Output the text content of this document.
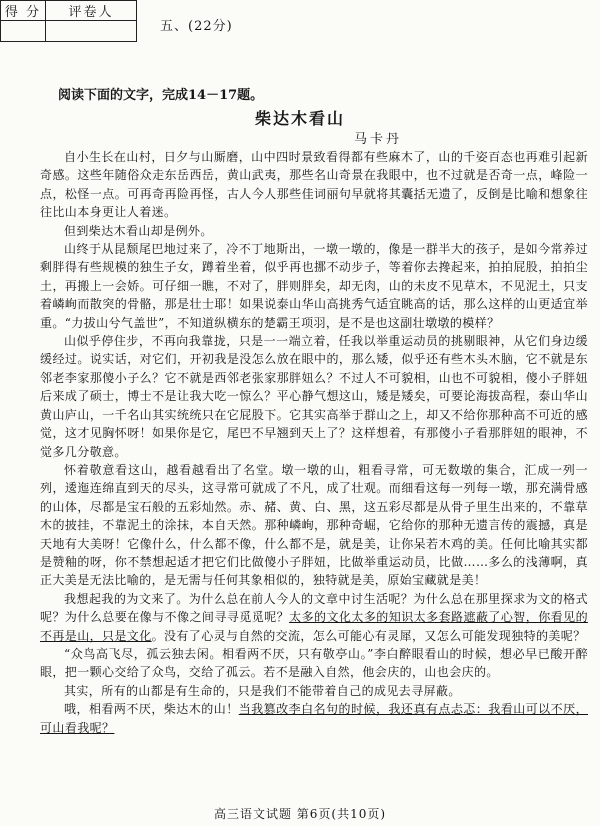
得 分	评卷人

五、(22分)
阅读下面的文字，完成14－17题。
柴达木看山
马卡丹

自小生长在山村，日夕与山厮磨，山中四时景致看得都有些麻木了，山的千姿百态也再难引起新奇感。这些年随俗众走东岳西岳，黄山武夷，那些名山奇景在我眼中，也不过就是否奇一点，峰险一点，松怪一点。可再奇再险再怪，古人今人那些佳词丽句早就将其囊括无遗了，反倒是比喻和想象往往比山本身更让人着迷。

但到柴达木看山却是例外。

山终于从昆颓尾巴地过来了，冷不丁地斯出，一墩一墩的，像是一群半大的孩子，是如今常养过剩胖得有些规模的独生子女，蹲着坐着，似乎再也挪不动步子，等着你去搀起来，拍拍屁股，拍拍尘土，再搬上一会娇。可仔细一瞧，不对了，胖则胖矣，却无肉，山的未皮不见草木，不见泥土，只支着嶙峋而散突的骨骼，那是壮士耶！如果说泰山华山高挑秀气适宜眺高的话，那么这样的山更适宜举重。“力拔山兮气盖世”，不知道纵横东的楚霸王项羽，是不是也这副壮墩墩的模样？

山似乎停住步，不再向我靠拢，只是一一端立着，任我以举重运动员的挑剔眼神，从它们身边缓缓经过。说实话，对它们，开初我是没怎么放在眼中的，那么矮，似乎还有些木头木脑，它不就是东邻老李家那傻小子么？它不就是西邻老张家那胖妞么？不过人不可貌相，山也不可貌相，傻小子胖妞后来成了硕士，博士不是让我大吃一惊么？平心静气想这山，矮是矮矣，可要论海拔高程，泰山华山黄山庐山，一千名山其实统统只在它屁股下。它其实高举于群山之上，却又不给你那种高不可近的感觉，这才见胸怀呀！如果你是它，尾巴不早翘到天上了？这样想着，有那傻小子看那胖妞的眼神，不觉多几分敬意。

怀着敬意看这山，越看越看出了名堂。墩一墩的山，粗看寻常，可无数墩的集合，汇成一列一列，逶迤连绵直到天的尽头，这寻常可就成了不凡，成了壮观。而细看这每一列每一墩，那充满骨感的山体，尽都是宝石般的五彩灿然。赤、赭、黄、白、黑，这五彩尽都是从骨子里生出来的，不靠草木的披挂，不靠泥土的涂抹，本自天然。那种嶙峋，那种奇崛，它给你的那种无遗言传的震撼，真是天地有大美呀！它像什么，什么都不像，什么都不是，就是美，让你呆若木鸡的美。任何比喻其实都是赞釉的呀，你不禁想起适才把它们比做傻小子胖妞，比做举重运动员，比做……多么的浅薄啊，真正大美是无法比喻的，是无需与任何其象相似的，独特就是美，原始宝藏就是美！

我想起我的为文来了。为什么总在前人今人的文章中讨生活呢？为什么总在那里探求为文的格式呢？为什么总要在像与不像之间寻寻觅觅呢？太多的文化太多的知识太多套路遮蔽了心智，你看见的不再是山，只是文化。没有了心灵与自然的交流，怎么可能心有灵犀，又怎么可能发现独特的美呢？

“众鸟高飞尽，孤云独去闲。相看两不厌，只有敬亭山。”李白醉眼看山的时候，想必早已酸开醉眼，把一颗心交给了众鸟，交给了孤云。若不是融入自然，他会庆的，山也会庆的。

其实，所有的山都是有生命的，只是我们不能带着自己的成见去寻屏蔽。

哦，相看两不厌，柴达木的山！当我篡改李白名句的时候，我还真有点忐忑：我看山可以不厌，可山看我呢？

高三语文试题 第6页(共10页)
